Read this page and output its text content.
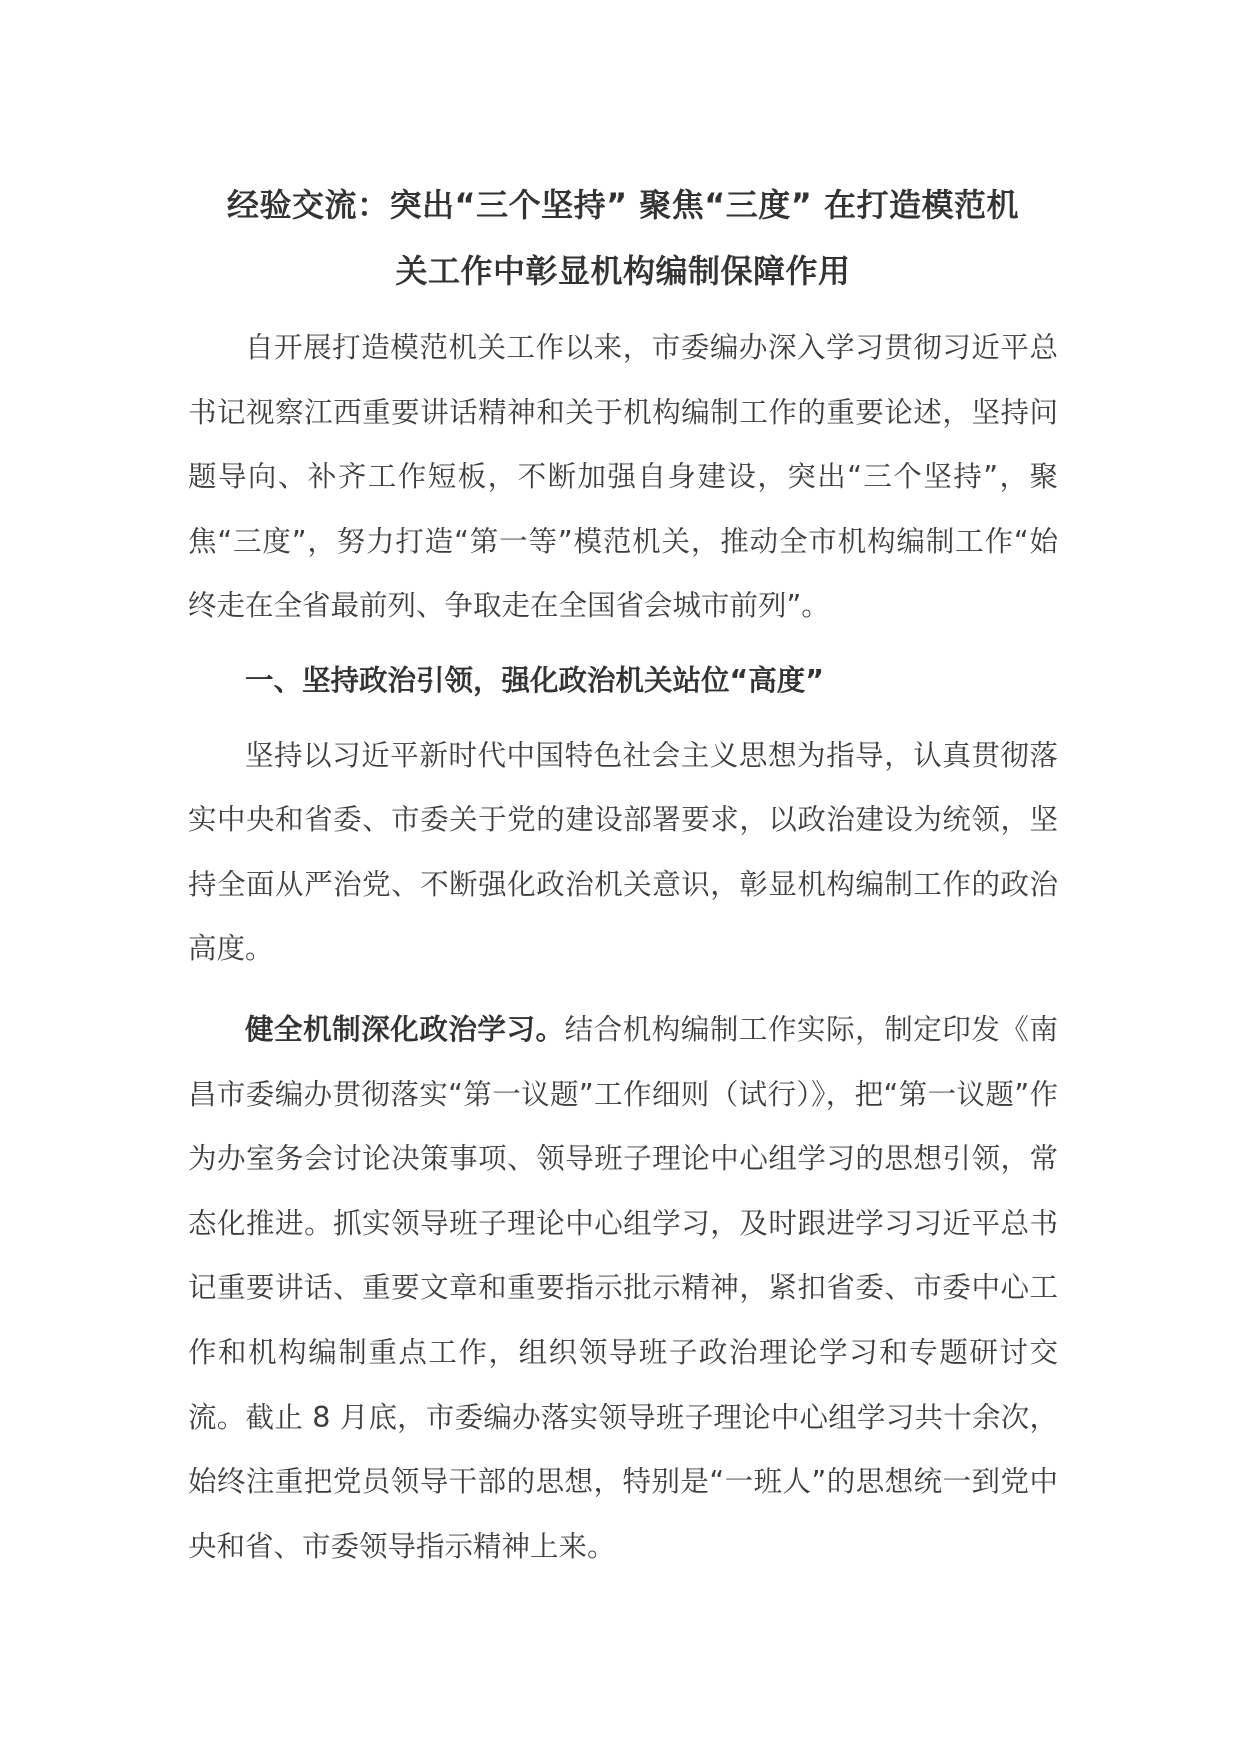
经验交流：突出“三个坚持” 聚焦“三度” 在打造模范机
关工作中彰显机构编制保障作用

自开展打造模范机关工作以来，市委编办深入学习贯彻习近平总书记视察江西重要讲话精神和关于机构编制工作的重要论述，坚持问题导向、补齐工作短板，不断加强自身建设，突出“三个坚持”，聚焦“三度”，努力打造“第一等”模范机关，推动全市机构编制工作“始终走在全省最前列、争取走在全国省会城市前列”。

一、坚持政治引领，强化政治机关站位“高度”

坚持以习近平新时代中国特色社会主义思想为指导，认真贯彻落实中央和省委、市委关于党的建设部署要求，以政治建设为统领，坚持全面从严治党、不断强化政治机关意识，彰显机构编制工作的政治高度。

健全机制深化政治学习。结合机构编制工作实际，制定印发《南昌市委编办贯彻落实“第一议题”工作细则（试行）》，把“第一议题”作为办室务会讨论决策事项、领导班子理论中心组学习的思想引领，常态化推进。抓实领导班子理论中心组学习，及时跟进学习习近平总书记重要讲话、重要文章和重要指示批示精神，紧扣省委、市委中心工作和机构编制重点工作，组织领导班子政治理论学习和专题研讨交流。截止 8 月底，市委编办落实领导班子理论中心组学习共十余次，始终注重把党员领导干部的思想，特别是“一班人”的思想统一到党中央和省、市委领导指示精神上来。
